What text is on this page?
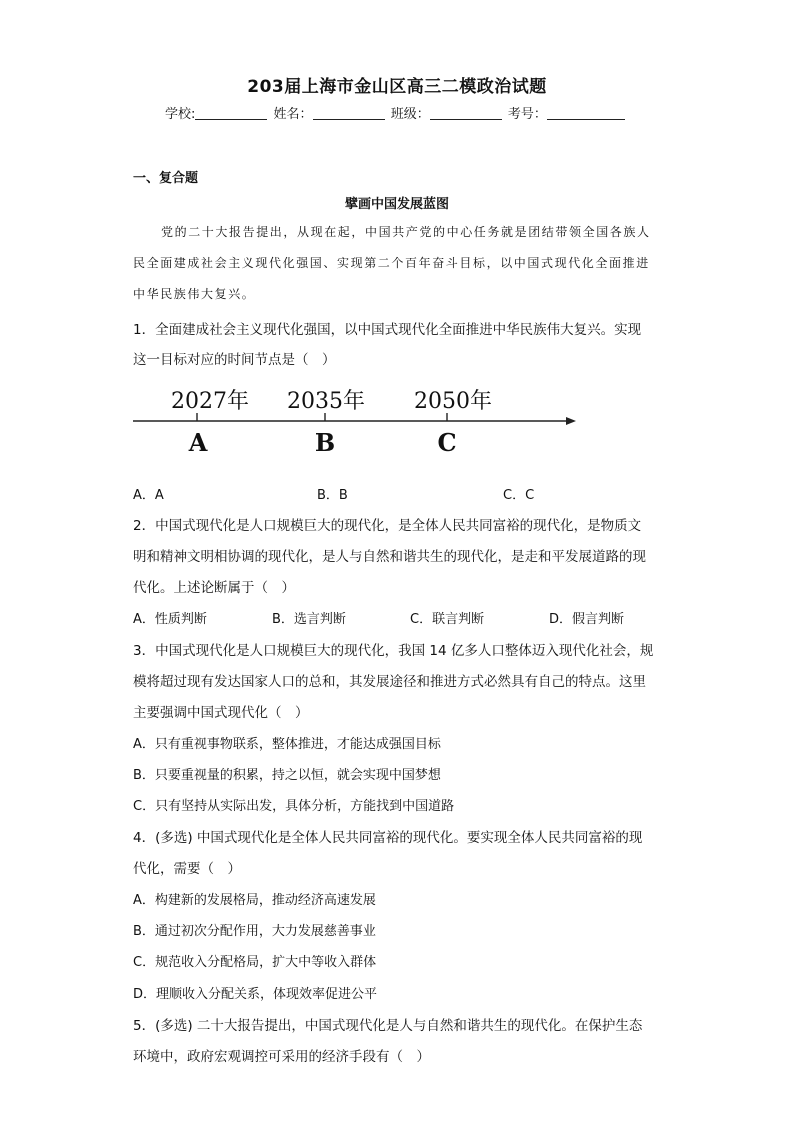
203届上海市金山区高三二模政治试题
学校:	姓名：	班级：	考号：
一、复合题
擘画中国发展蓝图
党的二十大报告提出，从现在起，中国共产党的中心任务就是团结带领全国各族人民全面建成社会主义现代化强国、实现第二个百年奋斗目标，以中国式现代化全面推进中华民族伟大复兴。
1．全面建成社会主义现代化强国，以中国式现代化全面推进中华民族伟大复兴。实现
这一目标对应的时间节点是（　）
2027年 2035年 2050年
A	B	C
A．A	B．B	C．C
2．中国式现代化是人口规模巨大的现代化，是全体人民共同富裕的现代化，是物质文
明和精神文明相协调的现代化，是人与自然和谐共生的现代化，是走和平发展道路的现
代化。上述论断属于（　）
A．性质判断	B．选言判断	C．联言判断	D．假言判断
3．中国式现代化是人口规模巨大的现代化，我国 14 亿多人口整体迈入现代化社会，规
模将超过现有发达国家人口的总和，其发展途径和推进方式必然具有自己的特点。这里
主要强调中国式现代化（　）
A．只有重视事物联系，整体推进，才能达成强国目标
B．只要重视量的积累，持之以恒，就会实现中国梦想
C．只有坚持从实际出发，具体分析，方能找到中国道路
4．(多选) 中国式现代化是全体人民共同富裕的现代化。要实现全体人民共同富裕的现
代化，需要（　）
A．构建新的发展格局，推动经济高速发展
B．通过初次分配作用，大力发展慈善事业
C．规范收入分配格局，扩大中等收入群体
D．理顺收入分配关系，体现效率促进公平
5．(多选) 二十大报告提出，中国式现代化是人与自然和谐共生的现代化。在保护生态
环境中，政府宏观调控可采用的经济手段有（　）
